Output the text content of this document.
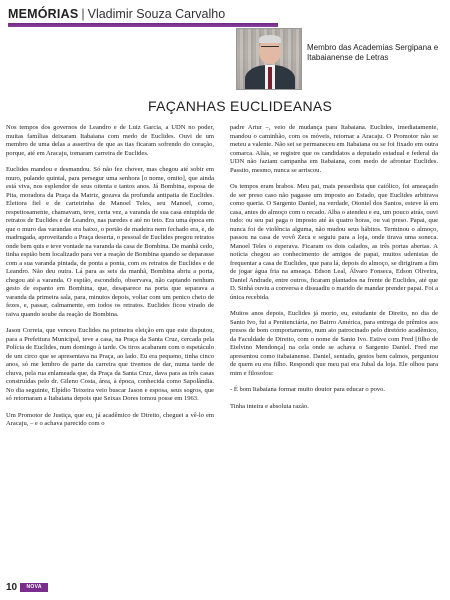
MEMÓRIAS | Vladimir Souza Carvalho
Membro das Academias Sergipana e Itabaianense de Letras
FAÇANHAS EUCLIDEANAS

Nos tempos dos governos de Leandro e de Luiz Garcia, a UDN no poder, muitas famílias deixaram Itabaiana com medo de Euclides. Ouvi de um membro de uma delas a assertiva de que as tias ficaram sofrendo do coração, porque, até em Aracaju, tomaram carreira de Euclides.

Euclides mandou e desmandou. Só não fez chover, mas chegou até sobir em muro, pulando quintal, para persegur uma senhora [o nome, omito], que ainda está viva, nos esplendor de seus oitenta e tantos anos. Já Bombina, esposa de Pita, moradora da Praça da Matriz, gozava da profunda antipatia de Euclides. Eleitora fiel e de carteirinha de Manoel Teles, seu Manoel, como, respeitosamente, chamavam, teve, certa vez, a varanda de sua casa entupida de retratos de Euclides e de Leandro, nas paredes e até no teto. Era uma época em que o muro das varandas era baixo, o portão de madeira nem fechado era, e, de madrugada, aproveitando a Praça deserta, o pessoal de Euclides pregou retratos onde bem quis e teve vontade na varanda da casa de Bombina. De manhã cedo, tinha espião bem localizado para ver a reação de Bombina quando se deparasse com a sua varanda pintada, de ponta a ponta, com os retratos de Euclides e de Leandro. Não deu outra. Lá para as seis da manhã, Bombina abriu a porta, chegou até a varanda. O espião, escondido, observava, não captando nenhum gesto de espanto em Bombina, que, desaparece na porta que separava a varanda da primeira sala, para, minutos depois, voltar com um penico cheio de fezes, e, passar, calmamente, em todos os retratos. Euclides ficou virado de raiva quando soube da reação de Bombina.

Jason Correia, que venceu Euclides na primeira eleição em que este disputou, para a Prefeitura Municipal, teve a casa, na Praça da Santa Cruz, cercada pela Polícia de Euclides, num domingo à tarde. Os tiros acabaram com o espetáculo de um circo que se apresentava na Praça, ao lado. Eu era pequeno, tinha cinco anos, só me lembro de parte da carreira que tivemos de dar, numa tarde de chuva, pela rua enlameada que, da Praça da Santa Cruz, dava para as três casas construídas pelo dr. Gileno Costa, área, à época, conhecida como Sapolândia. No dia seguinte, Elpídio Teixeira veio buscar Jason e esposa, seus sogros, que só retornaram a Itabaiana depois que Seixas Dores tomou posse em 1963.

Um Promotor de Justiça, que eu, já acadêmico de Direito, cheguei a vê-lo em Aracaju, – e o achava parecido com o

padre Artur –, veio de mudança para Itabaiana. Euclides, imediatamente, mandou o caminhão, com os móveis, retornar a Aracaju. O Promotor não se meteu a valente. Não sei se permaneceu em Itabaiana ou se foi fixado em outra comarca. Aliás, se registre que os candidatos a deputado estadual e federal da UDN não faziam campanha em Itabaiana, com medo de afrontar Euclides. Passito, mesmo, nunca se arriscou.

Os tempos eram brabos. Meu pai, mais pessedista que católico, foi ameaçado de ser preso caso não pagasse um imposto ao Estado, que Euclides arbitrava como queria. O Sargento Daniel, na verdade, Otoniel dos Santos, esteve lá em casa, antes do almoço com o recado. Alba o atendeu e eu, um pouco atrás, ouvi tudo: ou seu pai paga o imposto até às quatro horas, ou vai preso. Papai, que nunca foi de violência alguma, não mudou seus hábitos. Terminou o almoço, passou na casa de vovô Zeca e seguiu para a loja, onde tirava uma soneca. Manoel Teles o esperava. Ficaram os dois calados, as três portas abertas. A notícia chegou ao conhecimento de amigos de papai, muitos udenistas de frequentar a casa de Euclides, que para lá, depois do almoço, se dirigiram a fim de jogar água fria na ameaça. Edson Leal, Álvaro Fonseca, Edson Oliveira, Daniel Andrade, entre outros, ficaram plantados na frente de Euclides, até que D. Sinhá ouviu a conversa e dissuadiu o marido de mandar prender papai. Foi a única recebida.

Muitos anos depois, Euclides já morto, eu, estudante de Direito, no dia de Santo Ivo, fui a Penitenciária, no Bairro América, para entrega de prêmios aos presos de bom comportamento, num ato patrocinado pelo diretório acadêmico, da Faculdade de Direito, com o nome de Santo Ivo. Estive com Fred [filho de Etelvino Mendonça] na cela onde se achava o Sargento Daniel. Fred me apresentou como itabaianense. Daniel, sentado, gestos bem calmos, perguntou de quem eu era filho. Respondi que meu pai era Jubal da loja. Ele olhou para mim e filosofou:

- É bom Itabaiana formar muito doutor para educar o povo.

Tinha inteira e absoluta razão.

10	NOVA
